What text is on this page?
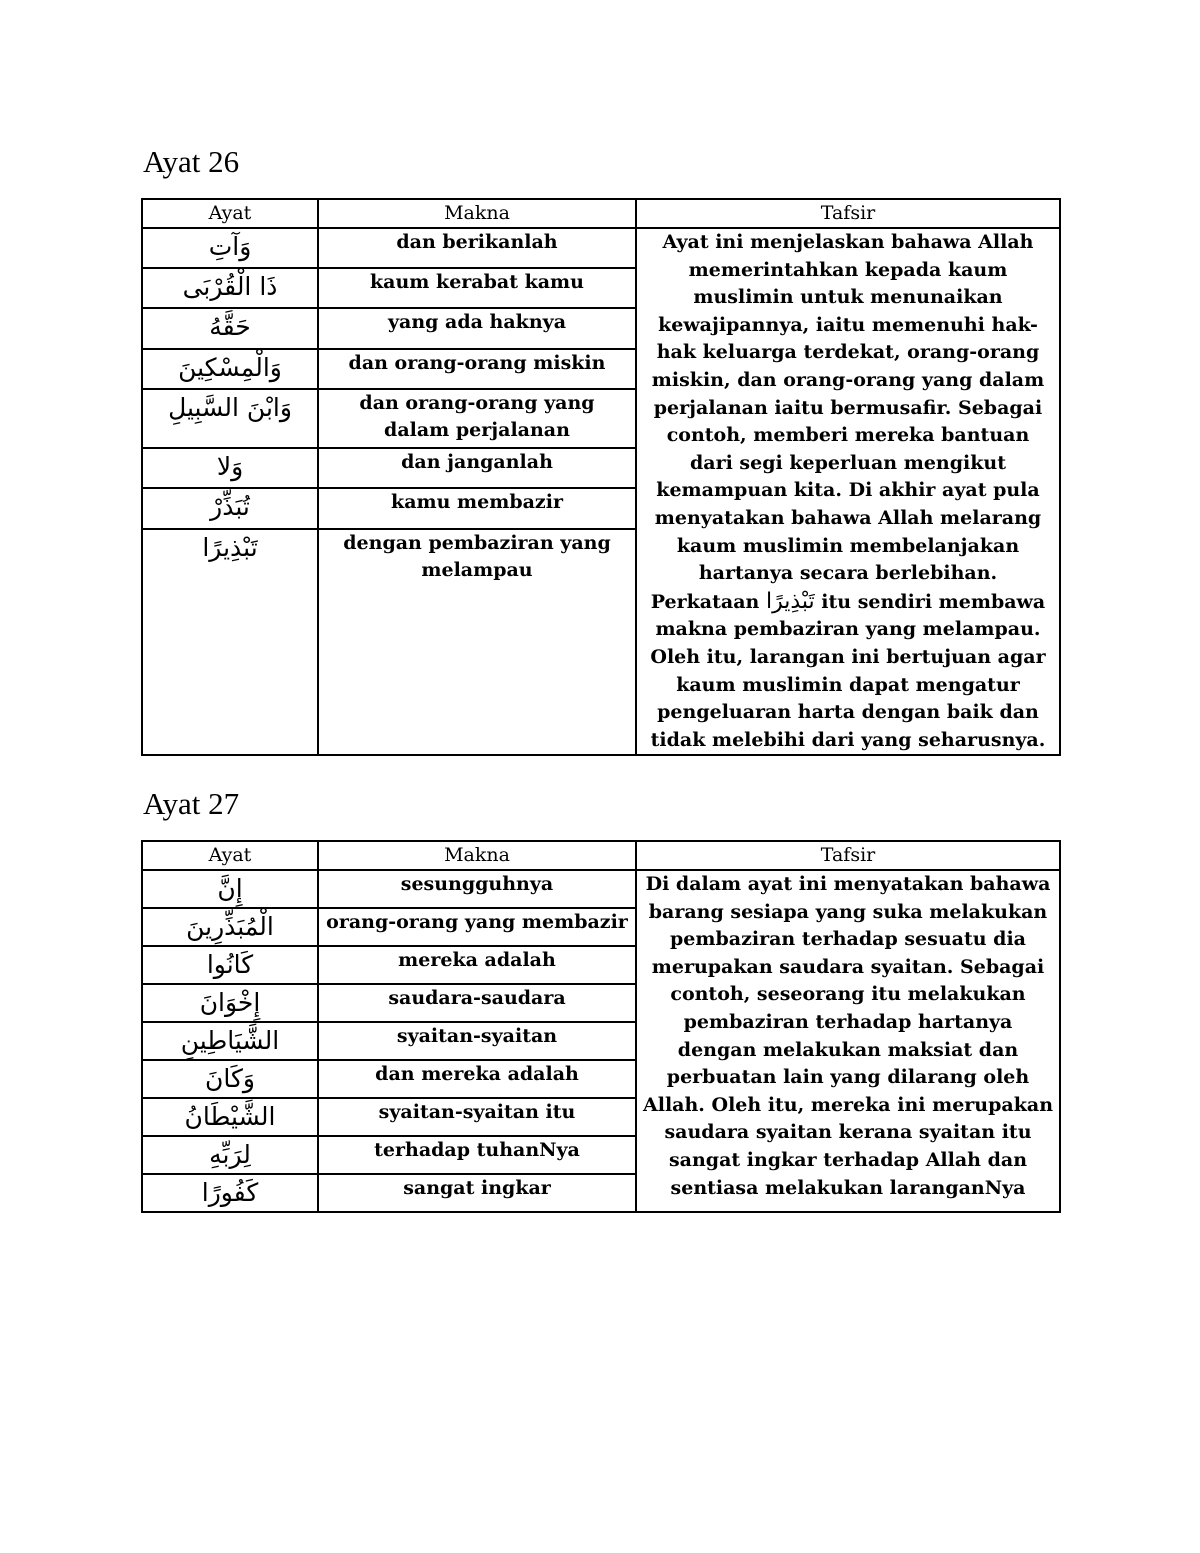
Ayat 26
Ayat	Makna	Tafsir
وَآتِ	dan berikanlah	Ayat ini menjelaskan bahawa Allah memerintahkan kepada kaum muslimin untuk menunaikan kewajipannya, iaitu memenuhi hak-hak keluarga terdekat, orang-orang miskin, dan orang-orang yang dalam perjalanan iaitu bermusafir. Sebagai contoh, memberi mereka bantuan dari segi keperluan mengikut kemampuan kita. Di akhir ayat pula menyatakan bahawa Allah melarang kaum muslimin membelanjakan hartanya secara berlebihan. Perkataan تَبْذِيرًا itu sendiri membawa makna pembaziran yang melampau. Oleh itu, larangan ini bertujuan agar kaum muslimin dapat mengatur pengeluaran harta dengan baik dan tidak melebihi dari yang seharusnya.
ذَا الْقُرْبَى	kaum kerabat kamu	
حَقَّهُ	yang ada haknya	
وَالْمِسْكِينَ	dan orang-orang miskin	
وَابْنَ السَّبِيلِ	dan orang-orang yang dalam perjalanan	
وَلا	dan janganlah	
تُبَذِّرْ	kamu membazir	
تَبْذِيرًا	dengan pembaziran yang melampau	
Ayat 27
Ayat	Makna	Tafsir
إِنَّ	sesungguhnya	Di dalam ayat ini menyatakan bahawa barang sesiapa yang suka melakukan pembaziran terhadap sesuatu dia merupakan saudara syaitan. Sebagai contoh, seseorang itu melakukan pembaziran terhadap hartanya dengan melakukan maksiat dan perbuatan lain yang dilarang oleh Allah. Oleh itu, mereka ini merupakan saudara syaitan kerana syaitan itu sangat ingkar terhadap Allah dan sentiasa melakukan laranganNya
الْمُبَذِّرِينَ	orang-orang yang membazir	
كَانُوا	mereka adalah	
إِخْوَانَ	saudara-saudara	
الشَّيَاطِينِ	syaitan-syaitan	
وَكَانَ	dan mereka adalah	
الشَّيْطَانُ	syaitan-syaitan itu	
لِرَبِّهِ	terhadap tuhanNya	
كَفُورًا	sangat ingkar	
